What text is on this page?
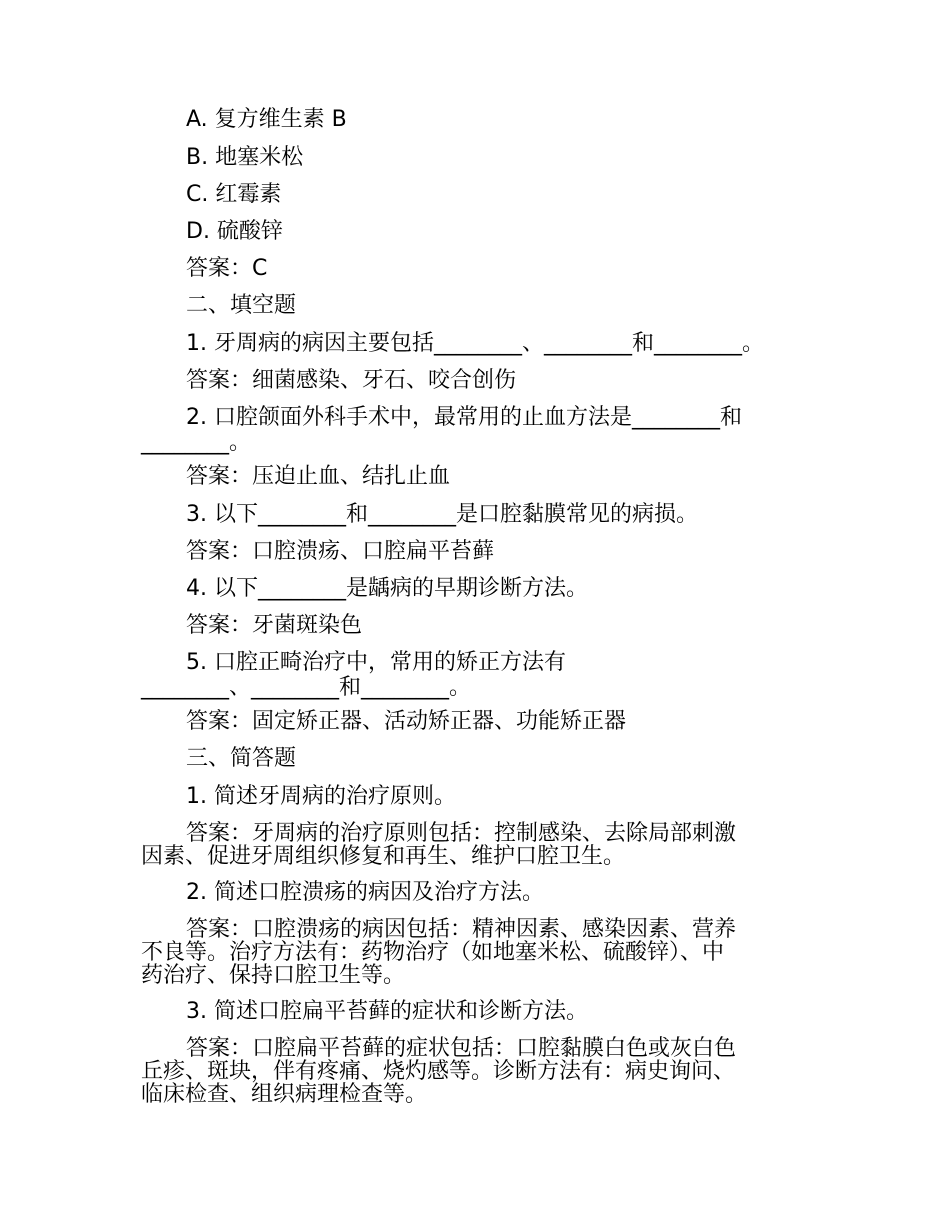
A. 复方维生素 B

B. 地塞米松

C. 红霉素

D. 硫酸锌

答案：C

二、填空题

1. 牙周病的病因主要包括________、________和________。

答案：细菌感染、牙石、咬合创伤

2. 口腔颌面外科手术中，最常用的止血方法是________和

________。

答案：压迫止血、结扎止血

3. 以下________和________是口腔黏膜常见的病损。

答案：口腔溃疡、口腔扁平苔藓

4. 以下________是龋病的早期诊断方法。

答案：牙菌斑染色

5. 口腔正畸治疗中，常用的矫正方法有

________、________和________。

答案：固定矫正器、活动矫正器、功能矫正器

三、简答题

1. 简述牙周病的治疗原则。

答案：牙周病的治疗原则包括：控制感染、去除局部刺激

因素、促进牙周组织修复和再生、维护口腔卫生。

2. 简述口腔溃疡的病因及治疗方法。

答案：口腔溃疡的病因包括：精神因素、感染因素、营养

不良等。治疗方法有：药物治疗（如地塞米松、硫酸锌）、中

药治疗、保持口腔卫生等。

3. 简述口腔扁平苔藓的症状和诊断方法。

答案：口腔扁平苔藓的症状包括：口腔黏膜白色或灰白色

丘疹、斑块，伴有疼痛、烧灼感等。诊断方法有：病史询问、

临床检查、组织病理检查等。
